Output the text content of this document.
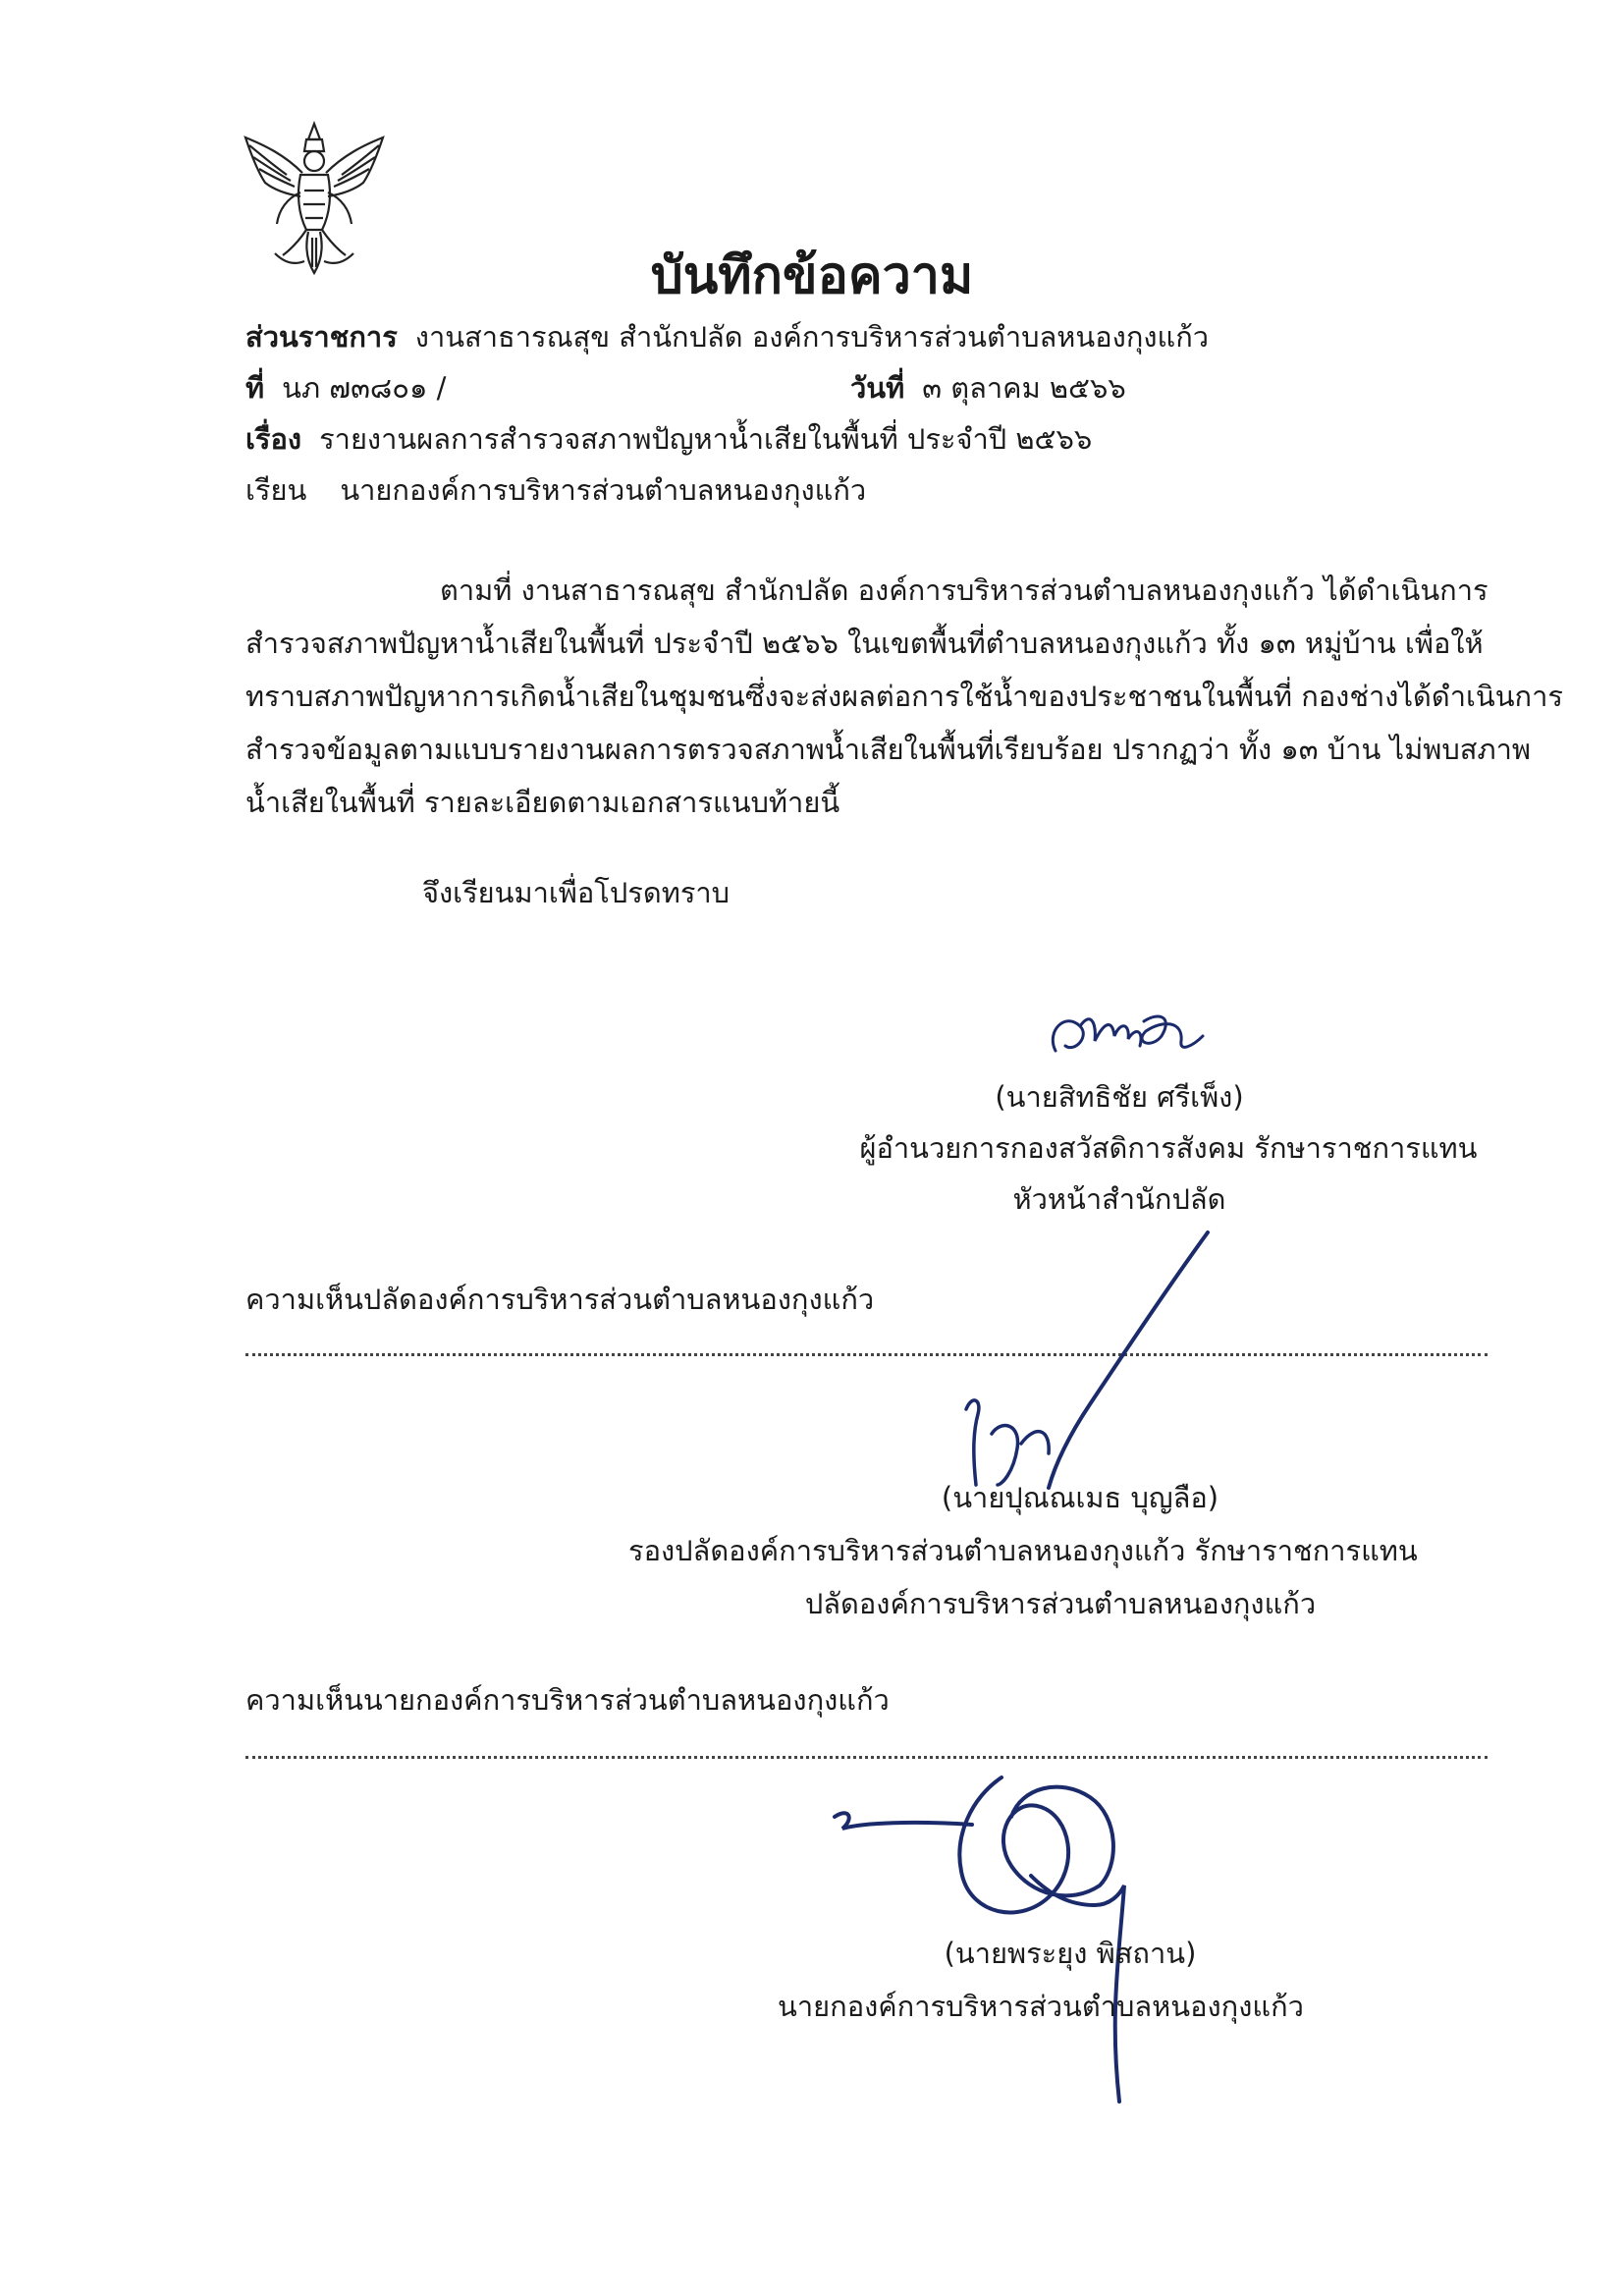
บันทึกข้อความ
ส่วนราชการ งานสาธารณสุข สำนักปลัด องค์การบริหารส่วนตำบลหนองกุงแก้ว
ที่ นภ ๗๓๘๐๑ /	วันที่ ๓ ตุลาคม ๒๕๖๖
เรื่อง รายงานผลการสำรวจสภาพปัญหาน้ำเสียในพื้นที่ ประจำปี ๒๕๖๖
เรียน นายกองค์การบริหารส่วนตำบลหนองกุงแก้ว
ตามที่ งานสาธารณสุข สำนักปลัด องค์การบริหารส่วนตำบลหนองกุงแก้ว ได้ดำเนินการ
สำรวจสภาพปัญหาน้ำเสียในพื้นที่ ประจำปี ๒๕๖๖ ในเขตพื้นที่ตำบลหนองกุงแก้ว ทั้ง ๑๓ หมู่บ้าน เพื่อให้
ทราบสภาพปัญหาการเกิดน้ำเสียในชุมชนซึ่งจะส่งผลต่อการใช้น้ำของประชาชนในพื้นที่ กองช่างได้ดำเนินการ
สำรวจข้อมูลตามแบบรายงานผลการตรวจสภาพน้ำเสียในพื้นที่เรียบร้อย ปรากฏว่า ทั้ง ๑๓ บ้าน ไม่พบสภาพ
น้ำเสียในพื้นที่ รายละเอียดตามเอกสารแนบท้ายนี้
จึงเรียนมาเพื่อโปรดทราบ
(นายสิทธิชัย ศรีเพ็ง)
ผู้อำนวยการกองสวัสดิการสังคม รักษาราชการแทน
หัวหน้าสำนักปลัด
ความเห็นปลัดองค์การบริหารส่วนตำบลหนองกุงแก้ว
(นายปุณณเมธ บุญลือ)
รองปลัดองค์การบริหารส่วนตำบลหนองกุงแก้ว รักษาราชการแทน
ปลัดองค์การบริหารส่วนตำบลหนองกุงแก้ว
ความเห็นนายกองค์การบริหารส่วนตำบลหนองกุงแก้ว
(นายพระยุง พิสถาน)
นายกองค์การบริหารส่วนตำบลหนองกุงแก้ว
